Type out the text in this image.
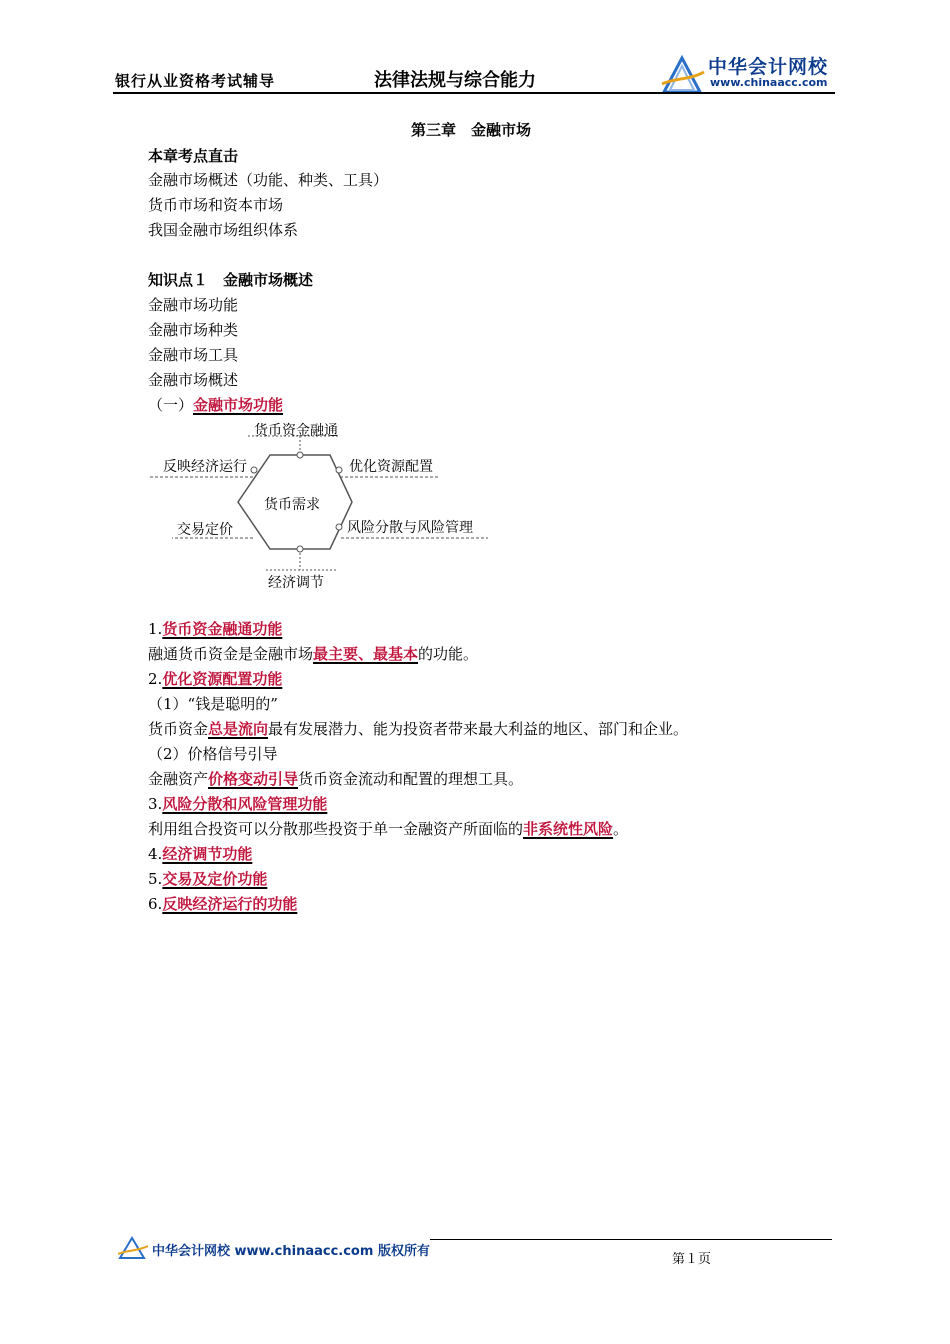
银行从业资格考试辅导	法律法规与综合能力
中华会计网校
www.chinaacc.com
第三章　金融市场
本章考点直击
金融市场概述（功能、种类、工具）
货币市场和资本市场
我国金融市场组织体系
知识点１　金融市场概述
金融市场功能
金融市场种类
金融市场工具
金融市场概述
（一）金融市场功能
货币资金融通
反映经济运行	优化资源配置
货币需求
交易定价	风险分散与风险管理
经济调节
1.货币资金融通功能
融通货币资金是金融市场最主要、最基本的功能。
2.优化资源配置功能
（1）“钱是聪明的”
货币资金总是流向最有发展潜力、能为投资者带来最大利益的地区、部门和企业。
（2）价格信号引导
金融资产价格变动引导货币资金流动和配置的理想工具。
3.风险分散和风险管理功能
利用组合投资可以分散那些投资于单一金融资产所面临的非系统性风险。
4.经济调节功能
5.交易及定价功能
6.反映经济运行的功能
中华会计网校 www.chinaacc.com 版权所有
第１页
